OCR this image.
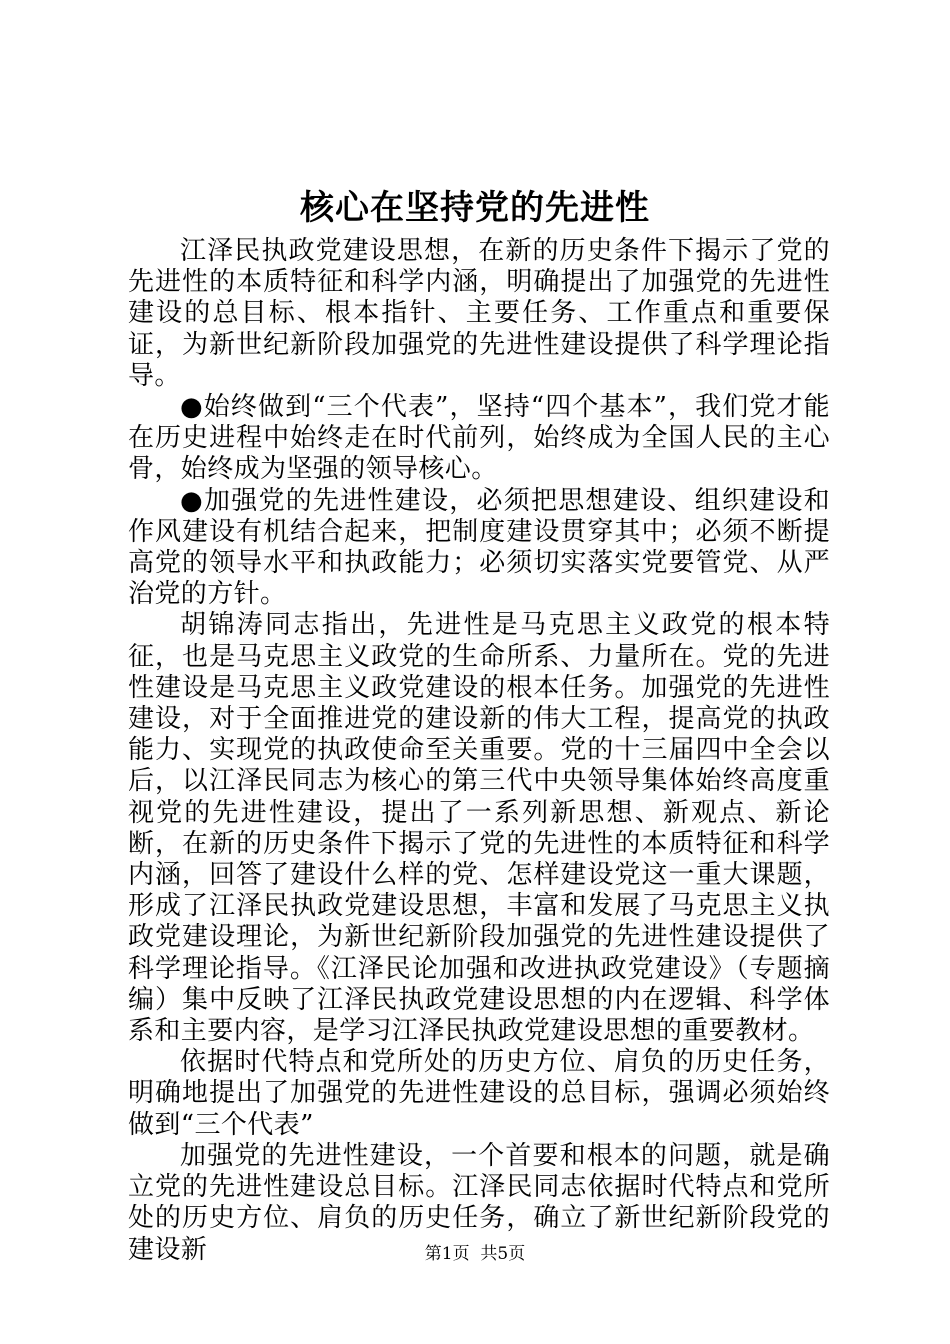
核心在坚持党的先进性

江泽民执政党建设思想，在新的历史条件下揭示了党的先进性的本质特征和科学内涵，明确提出了加强党的先进性建设的总目标、根本指针、主要任务、工作重点和重要保证，为新世纪新阶段加强党的先进性建设提供了科学理论指导。

●始终做到“三个代表”，坚持“四个基本”，我们党才能在历史进程中始终走在时代前列，始终成为全国人民的主心骨，始终成为坚强的领导核心。

●加强党的先进性建设，必须把思想建设、组织建设和作风建设有机结合起来，把制度建设贯穿其中；必须不断提高党的领导水平和执政能力；必须切实落实党要管党、从严治党的方针。

胡锦涛同志指出，先进性是马克思主义政党的根本特征，也是马克思主义政党的生命所系、力量所在。党的先进性建设是马克思主义政党建设的根本任务。加强党的先进性建设，对于全面推进党的建设新的伟大工程，提高党的执政能力、实现党的执政使命至关重要。党的十三届四中全会以后，以江泽民同志为核心的第三代中央领导集体始终高度重视党的先进性建设，提出了一系列新思想、新观点、新论断，在新的历史条件下揭示了党的先进性的本质特征和科学内涵，回答了建设什么样的党、怎样建设党这一重大课题，形成了江泽民执政党建设思想，丰富和发展了马克思主义执政党建设理论，为新世纪新阶段加强党的先进性建设提供了科学理论指导。《江泽民论加强和改进执政党建设》（专题摘编）集中反映了江泽民执政党建设思想的内在逻辑、科学体系和主要内容，是学习江泽民执政党建设思想的重要教材。

依据时代特点和党所处的历史方位、肩负的历史任务，明确地提出了加强党的先进性建设的总目标，强调必须始终做到“三个代表”

加强党的先进性建设，一个首要和根本的问题，就是确立党的先进性建设总目标。江泽民同志依据时代特点和党所处的历史方位、肩负的历史任务，确立了新世纪新阶段党的建设新	第1页 共5页
